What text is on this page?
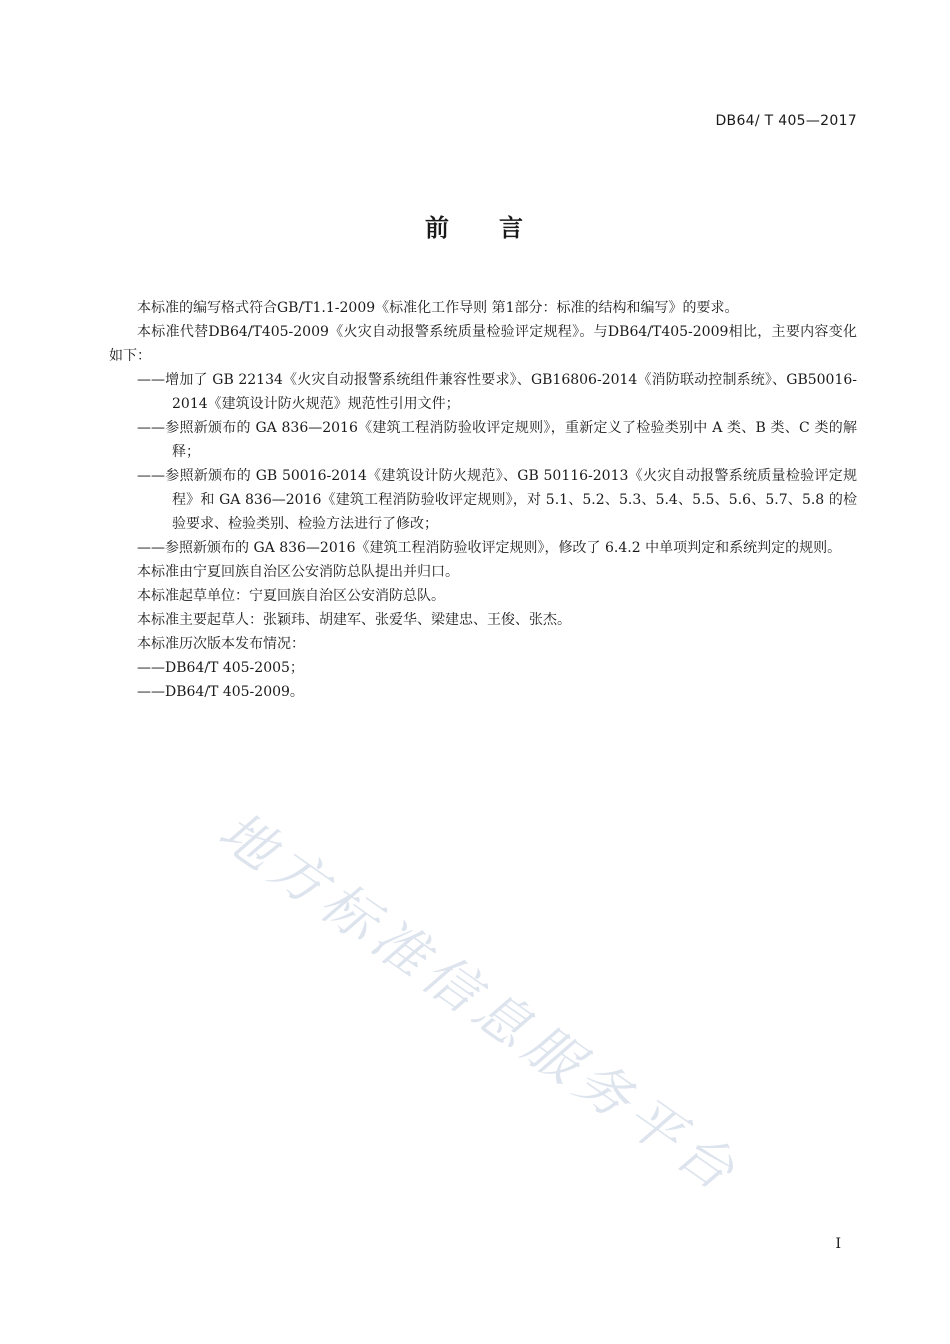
DB64/ T 405—2017
前 言

本标准的编写格式符合GB/T1.1-2009《标准化工作导则 第1部分：标准的结构和编写》的要求。

本标准代替DB64/T405-2009《火灾自动报警系统质量检验评定规程》。与DB64/T405-2009相比，主要内容变化如下：

——增加了 GB 22134《火灾自动报警系统组件兼容性要求》、GB16806-2014《消防联动控制系统》、GB50016-2014《建筑设计防火规范》规范性引用文件；

——参照新颁布的 GA 836—2016《建筑工程消防验收评定规则》，重新定义了检验类别中 A 类、B 类、C 类的解释；

——参照新颁布的 GB 50016-2014《建筑设计防火规范》、GB 50116-2013《火灾自动报警系统质量检验评定规程》和 GA 836—2016《建筑工程消防验收评定规则》，对 5.1、5.2、5.3、5.4、5.5、5.6、5.7、5.8 的检验要求、检验类别、检验方法进行了修改；

——参照新颁布的 GA 836—2016《建筑工程消防验收评定规则》，修改了 6.4.2 中单项判定和系统判定的规则。

本标准由宁夏回族自治区公安消防总队提出并归口。

本标准起草单位：宁夏回族自治区公安消防总队。

本标准主要起草人：张颖玮、胡建军、张爱华、梁建忠、王俊、张杰。

本标准历次版本发布情况：

——DB64/T 405-2005；

——DB64/T 405-2009。

地方标准信息服务平台
I
